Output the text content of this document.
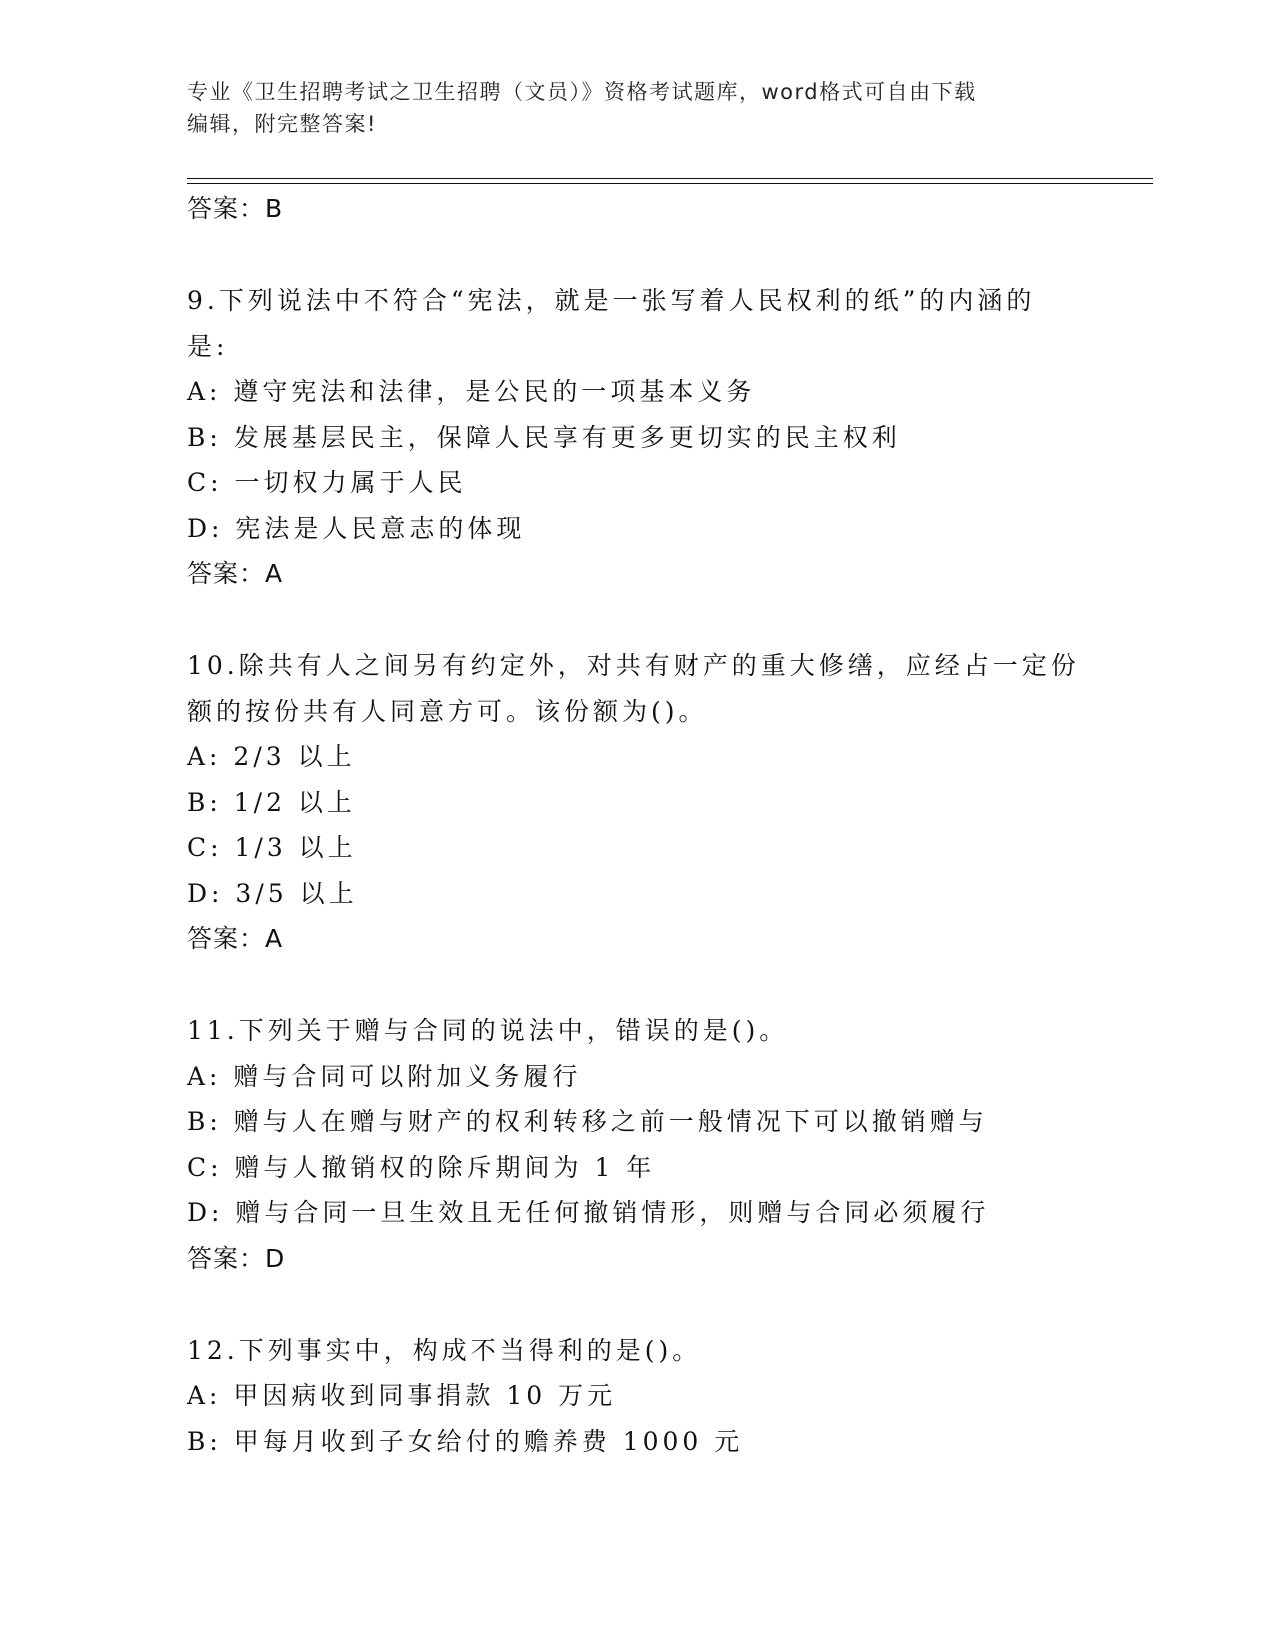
专业《卫生招聘考试之卫生招聘（文员）》资格考试题库，word格式可自由下载
编辑，附完整答案!

答案：B

9.下列说法中不符合“宪法，就是一张写着人民权利的纸”的内涵的

是:

A: 遵守宪法和法律，是公民的一项基本义务

B: 发展基层民主，保障人民享有更多更切实的民主权利

C: 一切权力属于人民

D: 宪法是人民意志的体现

答案：A

10.除共有人之间另有约定外，对共有财产的重大修缮，应经占一定份

额的按份共有人同意方可。该份额为()。

A: 2/3 以上

B: 1/2 以上

C: 1/3 以上

D: 3/5 以上

答案：A

11.下列关于赠与合同的说法中，错误的是()。

A: 赠与合同可以附加义务履行

B: 赠与人在赠与财产的权利转移之前一般情况下可以撤销赠与

C: 赠与人撤销权的除斥期间为 1 年

D: 赠与合同一旦生效且无任何撤销情形，则赠与合同必须履行

答案：D

12.下列事实中，构成不当得利的是()。

A: 甲因病收到同事捐款 10 万元

B: 甲每月收到子女给付的赡养费 1000 元
